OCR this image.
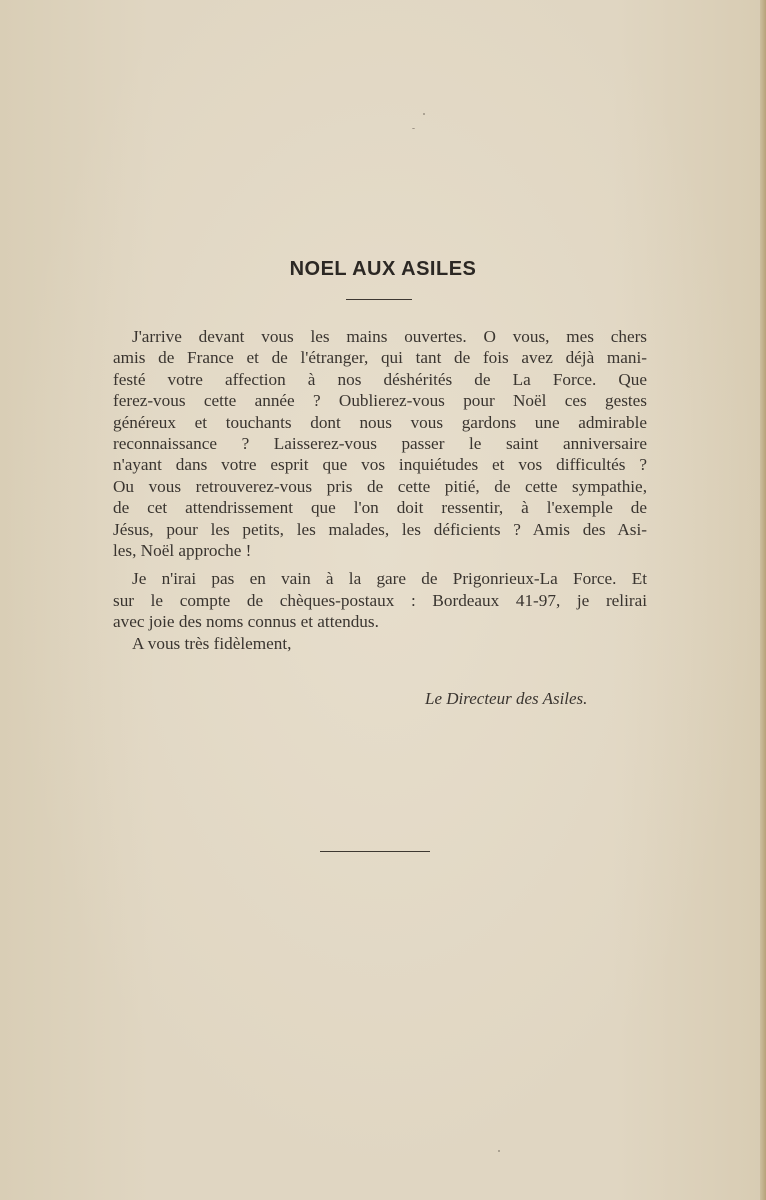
NOEL AUX ASILES
J'arrive devant vous les mains ouvertes. O vous, mes chers
amis de France et de l'étranger, qui tant de fois avez déjà mani-
festé votre affection à nos déshérités de La Force. Que
ferez-vous cette année ? Oublierez-vous pour Noël ces gestes
généreux et touchants dont nous vous gardons une admirable
reconnaissance ? Laisserez-vous passer le saint anniversaire
n'ayant dans votre esprit que vos inquiétudes et vos difficultés ?
Ou vous retrouverez-vous pris de cette pitié, de cette sympathie,
de cet attendrissement que l'on doit ressentir, à l'exemple de
Jésus, pour les petits, les malades, les déficients ? Amis des Asi-
les, Noël approche !
Je n'irai pas en vain à la gare de Prigonrieux-La Force. Et
sur le compte de chèques-postaux : Bordeaux 41-97, je relirai
avec joie des noms connus et attendus.
A vous très fidèlement,
Le Directeur des Asiles.
